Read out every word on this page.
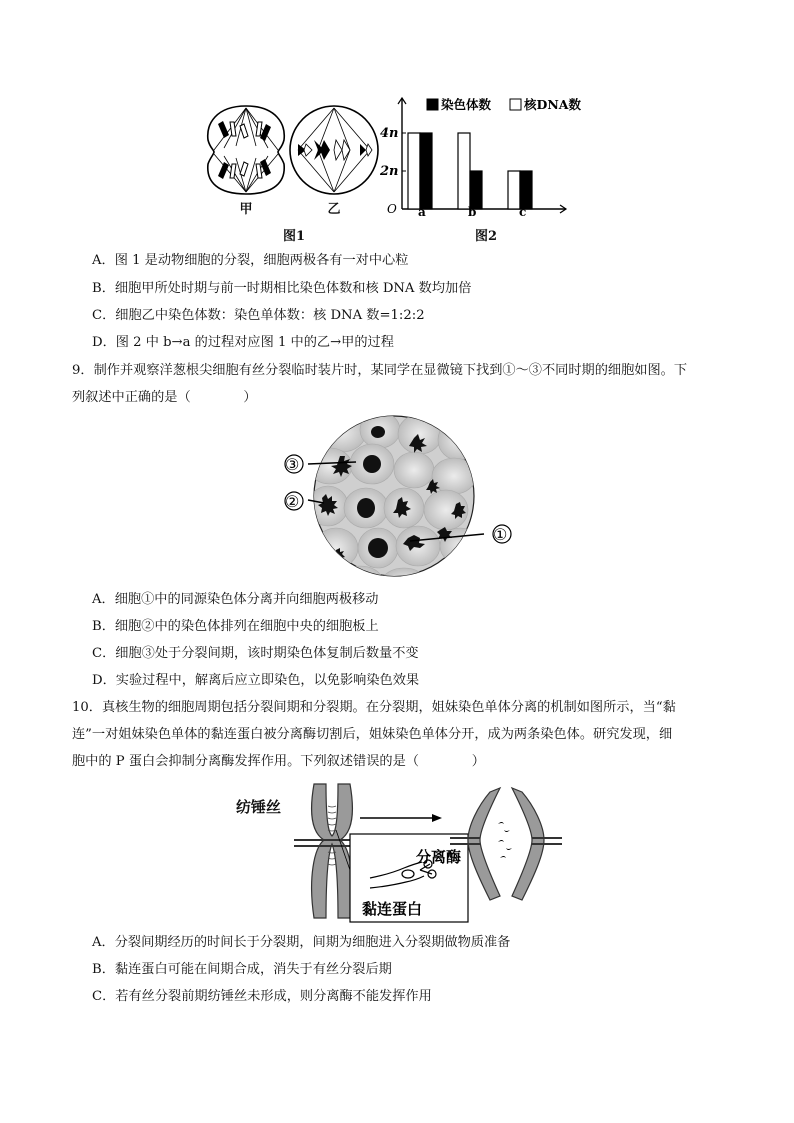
甲	乙
图1
染色体数	核DNA数
4n
2n
O a	b	c
图2
A．图 1 是动物细胞的分裂，细胞两极各有一对中心粒
B．细胞甲所处时期与前一时期相比染色体数和核 DNA 数均加倍
C．细胞乙中染色体数：染色单体数：核 DNA 数=1:2:2
D．图 2 中 b→a 的过程对应图 1 中的乙→甲的过程
9．制作并观察洋葱根尖细胞有丝分裂临时装片时，某同学在显微镜下找到①～③不同时期的细胞如图。下
列叙述中正确的是（　　　　）
③
②
①
A．细胞①中的同源染色体分离并向细胞两极移动
B．细胞②中的染色体排列在细胞中央的细胞板上
C．细胞③处于分裂间期，该时期染色体复制后数量不变
D．实验过程中，解离后应立即染色，以免影响染色效果
10．真核生物的细胞周期包括分裂间期和分裂期。在分裂期，姐妹染色单体分离的机制如图所示，当“黏
连”一对姐妹染色单体的黏连蛋白被分离酶切割后，姐妹染色单体分开，成为两条染色体。研究发现，细
胞中的 P 蛋白会抑制分离酶发挥作用。下列叙述错误的是（　　　　）
分离酶
黏连蛋白
纺锤丝
A．分裂间期经历的时间长于分裂期，间期为细胞进入分裂期做物质准备
B．黏连蛋白可能在间期合成，消失于有丝分裂后期
C．若有丝分裂前期纺锤丝未形成，则分离酶不能发挥作用
